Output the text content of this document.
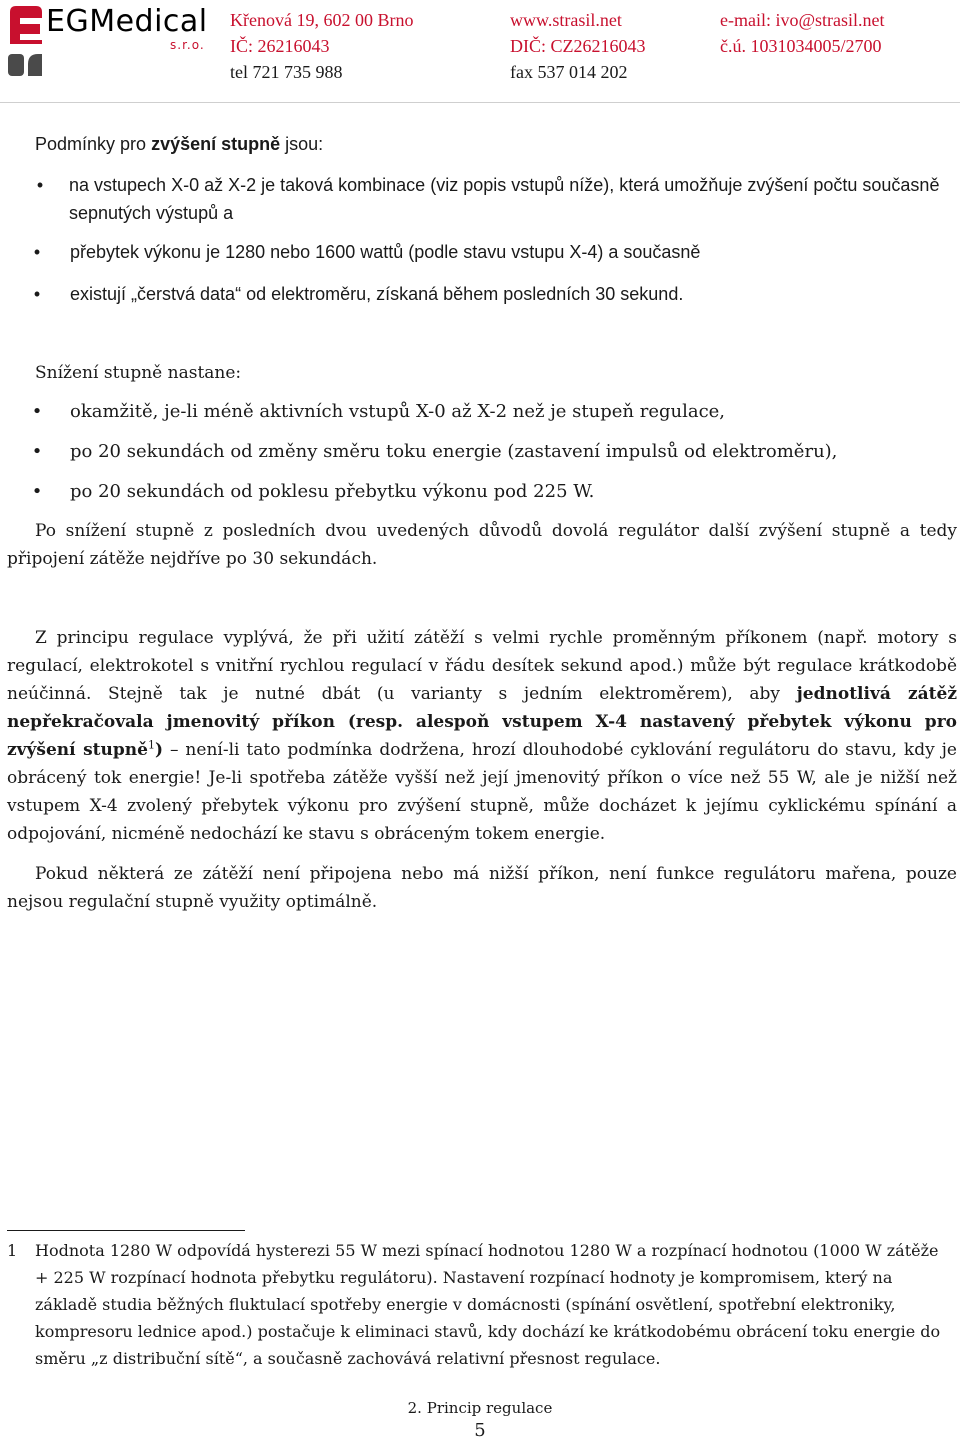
EGMedical
s.r.o.
Křenová 19, 602 00 Brno
IČ: 26216043
tel 721 735 988
www.strasil.net
DIČ: CZ26216043
fax 537 014 202
e-mail: ivo@strasil.net
č.ú. 1031034005/2700

Podmínky pro zvýšení stupně jsou:

•	na vstupech X-0 až X-2 je taková kombinace (viz popis vstupů níže), která umožňuje zvýšení počtu současně sepnutých výstupů a
•	přebytek výkonu je 1280 nebo 1600 wattů (podle stavu vstupu X-4) a současně
•	existují „čerstvá data“ od elektroměru, získaná během posledních 30 sekund.

Snížení stupně nastane:

•	okamžitě, je-li méně aktivních vstupů X-0 až X-2 než je stupeň regulace,
•	po 20 sekundách od změny směru toku energie (zastavení impulsů od elektroměru),
•	po 20 sekundách od poklesu přebytku výkonu pod 225 W.

Po snížení stupně z posledních dvou uvedených důvodů dovolá regulátor další zvýšení stupně a tedy připojení zátěže nejdříve po 30 sekundách.

Z principu regulace vyplývá, že při užití zátěží s velmi rychle proměnným příkonem (např. motory s regulací, elektrokotel s vnitřní rychlou regulací v řádu desítek sekund apod.) může být regulace krátkodobě neúčinná. Stejně tak je nutné dbát (u varianty s jedním elektroměrem), aby jednotlivá zátěž nepřekračovala jmenovitý příkon (resp. alespoň vstupem X-4 nastavený přebytek výkonu pro zvýšení stupně$^1$) – není-li tato podmínka dodržena, hrozí dlouhodobé cyklování regulátoru do stavu, kdy je obrácený tok energie! Je-li spotřeba zátěže vyšší než její jmenovitý příkon o více než 55 W, ale je nižší než vstupem X-4 zvolený přebytek výkonu pro zvýšení stupně, může docházet k jejímu cyklickému spínání a odpojování, nicméně nedochází ke stavu s obráceným tokem energie.

Pokud některá ze zátěží není připojena nebo má nižší příkon, není funkce regulátoru mařena, pouze nejsou regulační stupně využity optimálně.

1	Hodnota 1280 W odpovídá hysterezi 55 W mezi spínací hodnotou 1280 W a rozpínací hodnotou (1000 W zátěže + 225 W rozpínací hodnota přebytku regulátoru). Nastavení rozpínací hodnoty je kompromisem, který na základě studia běžných fluktulací spotřeby energie v domácnosti (spínání osvětlení, spotřební elektroniky, kompresoru lednice apod.) postačuje k eliminaci stavů, kdy dochází ke krátkodobému obrácení toku energie do směru „z distribuční sítě“, a současně zachovává relativní přesnost regulace.
2. Princip regulace
5
